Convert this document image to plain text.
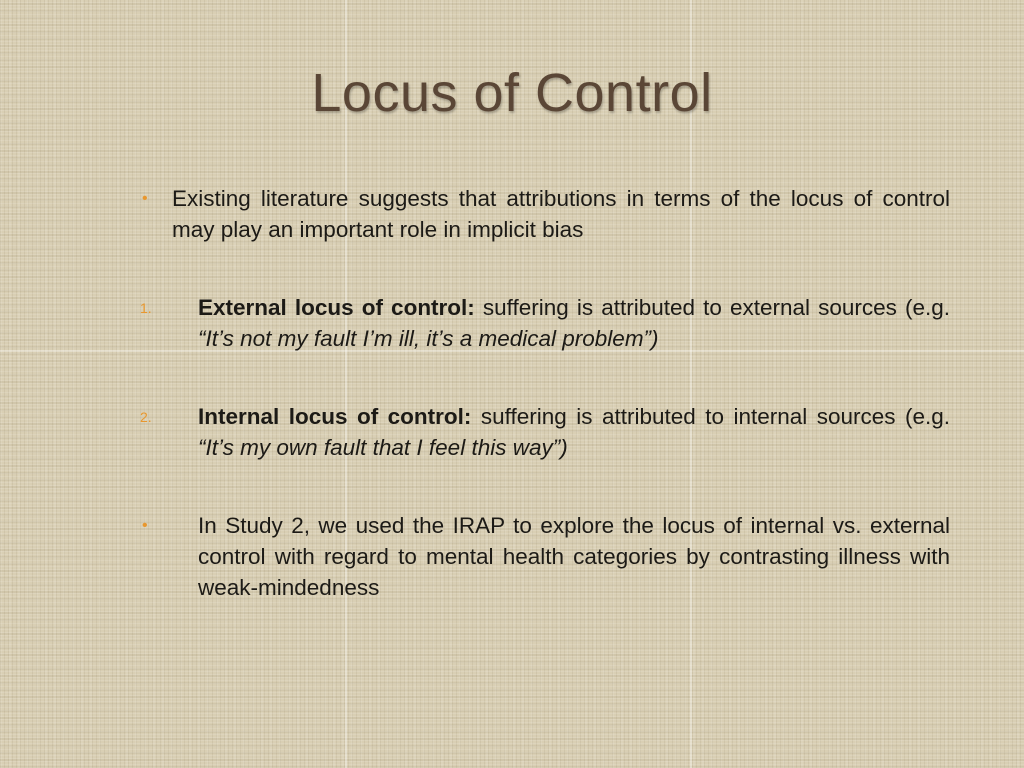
Locus of Control
• Existing literature suggests that attributions in terms of the locus of control may play an important role in implicit bias
1. External locus of control: suffering is attributed to external sources (e.g. “It’s not my fault I’m ill, it’s a medical problem”)
2. Internal locus of control: suffering is attributed to internal sources (e.g. “It’s my own fault that I feel this way”)
• In Study 2, we used the IRAP to explore the locus of internal vs. external control with regard to mental health categories by contrasting illness with weak-mindedness
